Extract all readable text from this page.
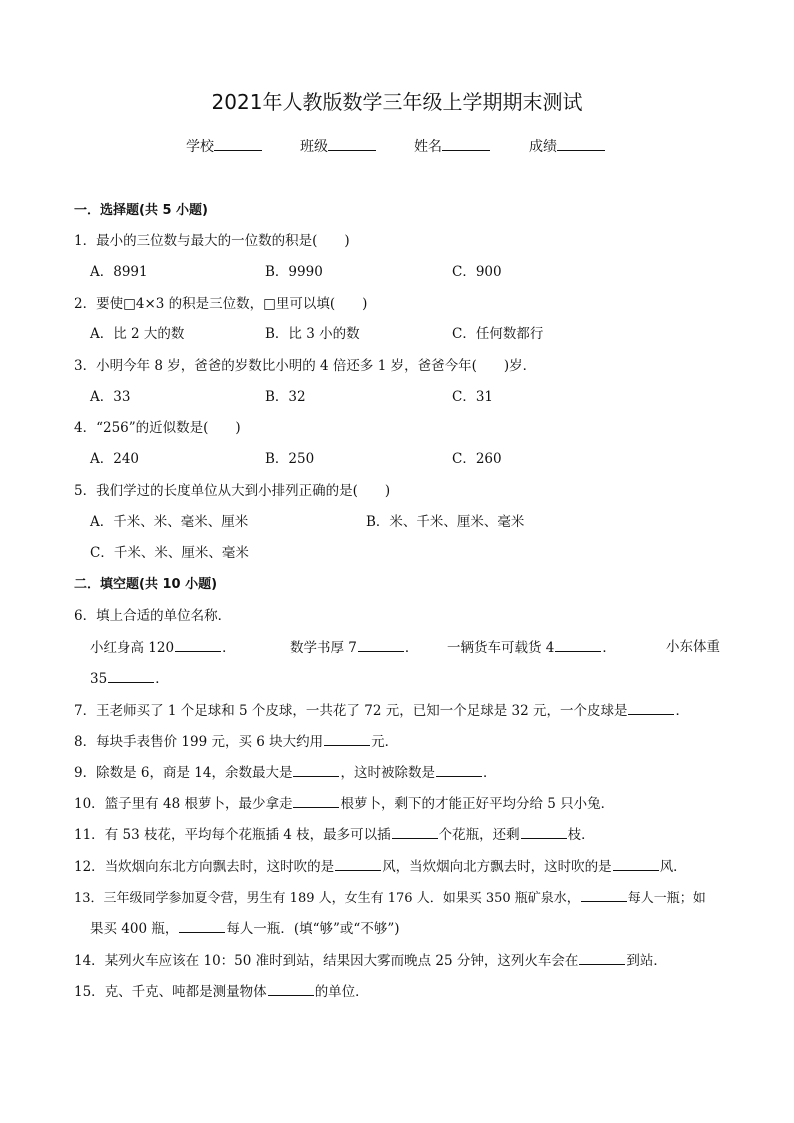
2021年人教版数学三年级上学期期末测试
学校	班级	姓名	成绩
一．选择题(共 5 小题)
1．最小的三位数与最大的一位数的积是(　　)
A．8991	B．9990	C．900
2．要使□4×3 的积是三位数，□里可以填(　　)
A．比 2 大的数	B．比 3 小的数	C．任何数都行
3．小明今年 8 岁，爸爸的岁数比小明的 4 倍还多 1 岁，爸爸今年(　　)岁．
A．33	B．32	C．31
4．“256”的近似数是(　　)
A．240	B．250	C．260
5．我们学过的长度单位从大到小排列正确的是(　　)
A．千米、米、毫米、厘米	B．米、千米、厘米、毫米
C．千米、米、厘米、毫米
二．填空题(共 10 小题)
6．填上合适的单位名称．
小红身高 120	．	数学书厚 7	． 一辆货车可载货 4	．	小东体重
35	．
7．王老师买了 1 个足球和 5 个皮球，一共花了 72 元，已知一个足球是 32 元，一个皮球是	．
8．每块手表售价 199 元，买 6 块大约用	元．
9．除数是 6，商是 14，余数最大是	，这时被除数是	．
10．篮子里有 48 根萝卜，最少拿走	根萝卜，剩下的才能正好平均分给 5 只小兔．
11．有 53 枝花，平均每个花瓶插 4 枝，最多可以插	个花瓶，还剩	枝．
12．当炊烟向东北方向飘去时，这时吹的是	风，当炊烟向北方飘去时，这时吹的是	风．
13．三年级同学参加夏令营，男生有 189 人，女生有 176 人．如果买 350 瓶矿泉水，	每人一瓶；如
果买 400 瓶，	每人一瓶．(填“够”或“不够”)
14．某列火车应该在 10：50 准时到站，结果因大雾而晚点 25 分钟，这列火车会在	到站．
15．克、千克、吨都是测量物体	的单位．
